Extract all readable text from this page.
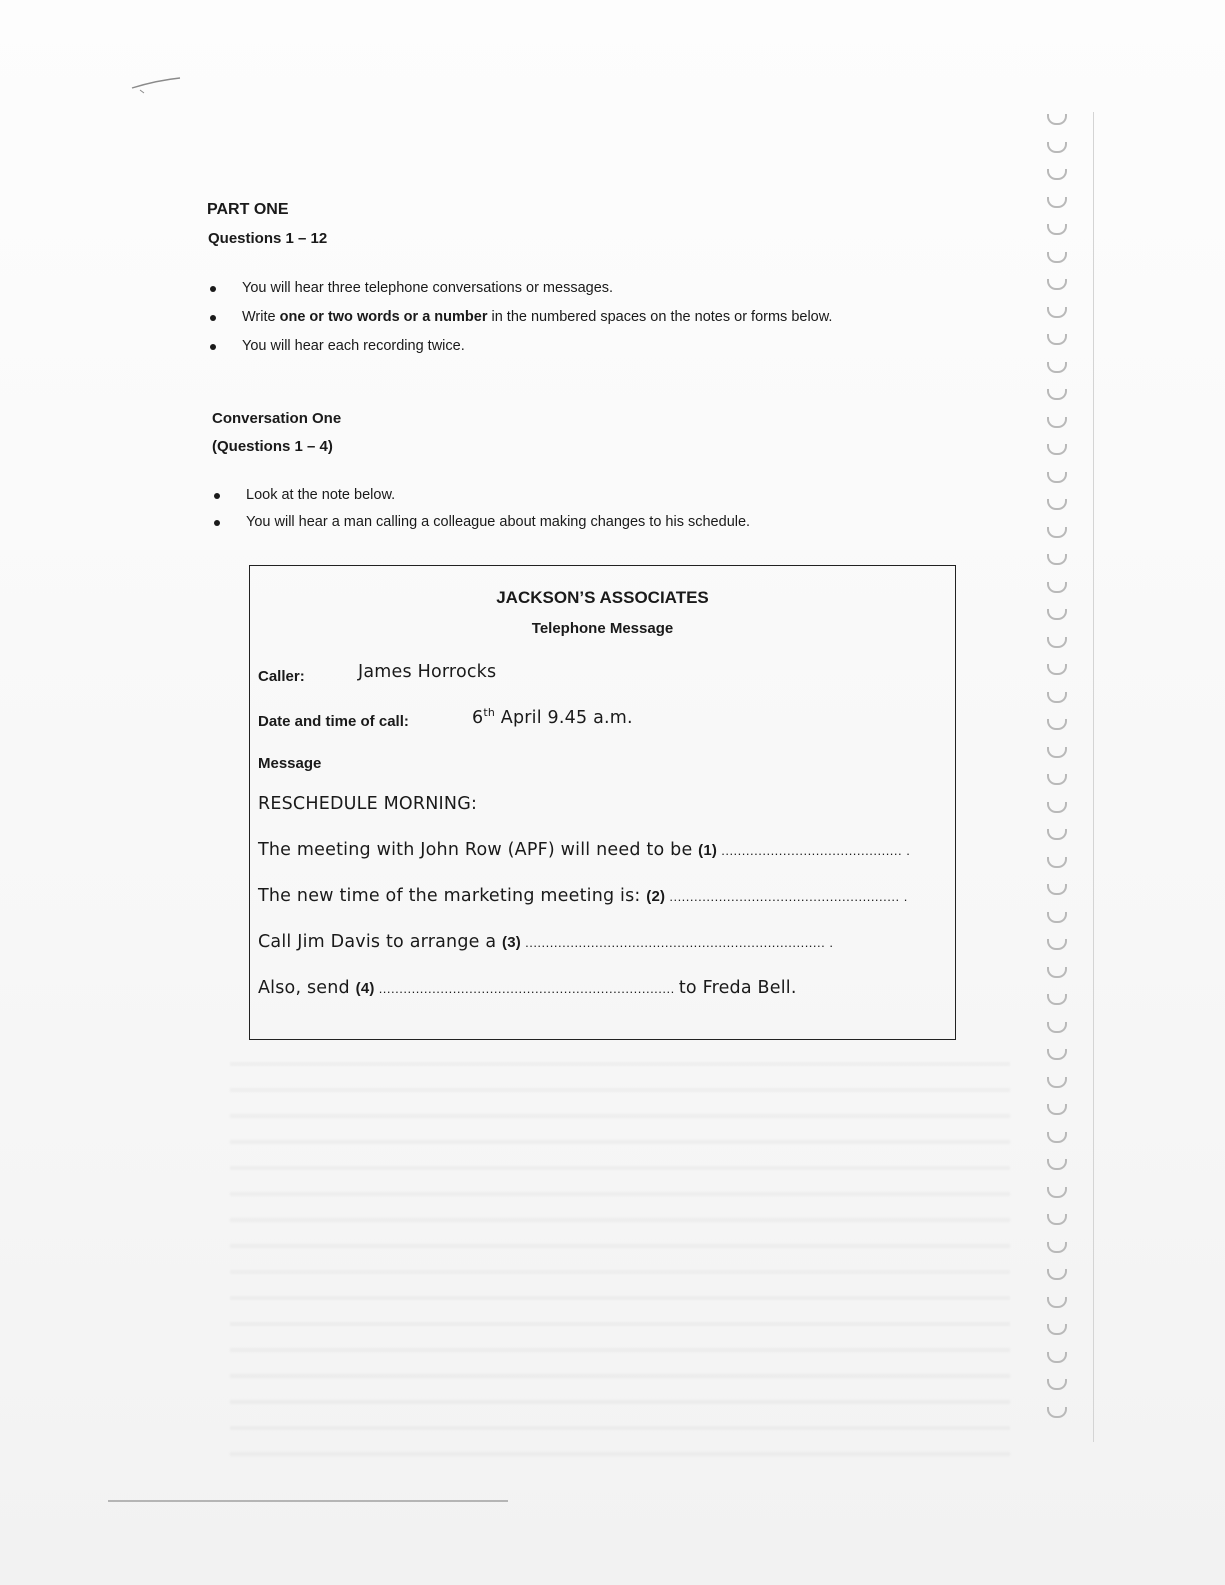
PART ONE
Questions 1 – 12
You will hear three telephone conversations or messages.
Write one or two words or a number in the numbered spaces on the notes or forms below.
You will hear each recording twice.
Conversation One
(Questions 1 – 4)
Look at the note below.
You will hear a man calling a colleague about making changes to his schedule.
JACKSON’S ASSOCIATES
Telephone Message
Caller:	James Horrocks
Date and time of call:	6th April 9.45 a.m.
Message
RESCHEDULE MORNING:
The meeting with John Row (APF) will need to be (1) ............................................ .
The new time of the marketing meeting is: (2) ........................................................ .
Call Jim Davis to arrange a (3) ......................................................................... .
Also, send (4) ........................................................................ to Freda Bell.
